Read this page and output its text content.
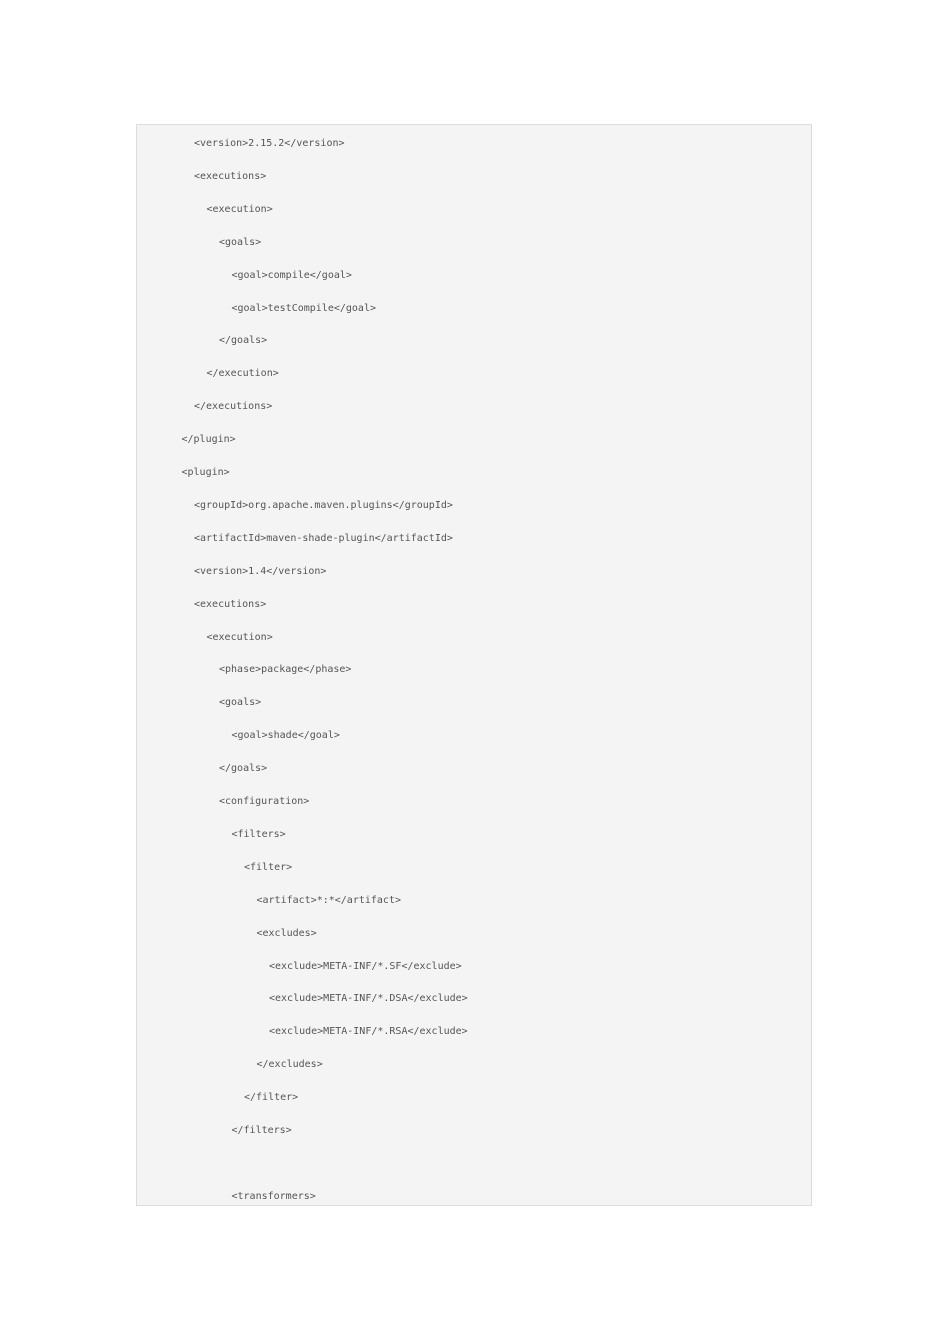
<version>2.15.2</version>
<executions>
<execution>
<goals>
<goal>compile</goal>
<goal>testCompile</goal>
</goals>
</execution>
</executions>
</plugin>
<plugin>
<groupId>org.apache.maven.plugins</groupId>
<artifactId>maven-shade-plugin</artifactId>
<version>1.4</version>
<executions>
<execution>
<phase>package</phase>
<goals>
<goal>shade</goal>
</goals>
<configuration>
<filters>
<filter>
<artifact>*:*</artifact>
<excludes>
<exclude>META-INF/*.SF</exclude>
<exclude>META-INF/*.DSA</exclude>
<exclude>META-INF/*.RSA</exclude>
</excludes>
</filter>
</filters>
<transformers>
